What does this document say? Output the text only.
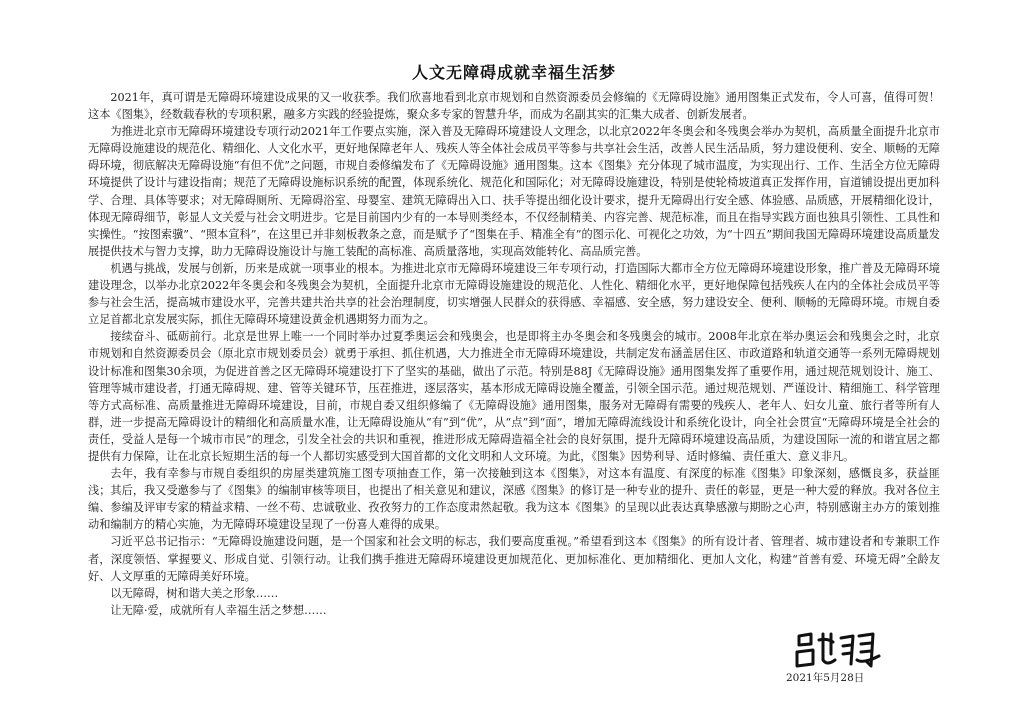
人文无障碍成就幸福生活梦

2021年，真可谓是无障碍环境建设成果的又一收获季。我们欣喜地看到北京市规划和自然资源委员会修编的《无障碍设施》通用图集正式发布，令人可喜，值得可贺！这本《图集》，经数载春秋的专项积累，融多方实践的经验提炼，聚众多专家的智慧升华，而成为名副其实的汇集大成者、创新发展者。

为推进北京市无障碍环境建设专项行动2021年工作要点实施，深入普及无障碍环境建设人文理念，以北京2022年冬奥会和冬残奥会举办为契机，高质量全面提升北京市无障碍设施建设的规范化、精细化、人文化水平，更好地保障老年人、残疾人等全体社会成员平等参与共享社会生活，改善人民生活品质，努力建设便利、安全、顺畅的无障碍环境，彻底解决无障碍设施“有但不优”之问题，市规自委修编发布了《无障碍设施》通用图集。这本《图集》充分体现了城市温度，为实现出行、工作、生活全方位无障碍环境提供了设计与建设指南；规范了无障碍设施标识系统的配置，体现系统化、规范化和国际化；对无障碍设施建设，特别是使轮椅坡道真正发挥作用，盲道铺设提出更加科学、合理、具体等要求；对无障碍厕所、无障碍浴室、母婴室、建筑无障碍出入口、扶手等提出细化设计要求，提升无障碍出行安全感、体验感、品质感，开展精细化设计，体现无障碍细节，彰显人文关爱与社会文明进步。它是目前国内少有的一本导则类经本，不仅经制精美、内容完善、规范标准，而且在指导实践方面也独具引领性、工具性和实操性。“按图索骥”、“照本宣科”，在这里已并非刻板教条之意，而是赋予了“图集在手、精准全有”的图示化、可视化之功效，为“十四五”期间我国无障碍环境建设高质量发展提供技术与智力支撑，助力无障碍设施设计与施工装配的高标准、高质量落地，实现高效能转化、高品质完善。

机遇与挑战，发展与创新，历来是成就一项事业的根本。为推进北京市无障碍环境建设三年专项行动，打造国际大都市全方位无障碍环境建设形象，推广普及无障碍环境建设理念，以举办北京2022年冬奥会和冬残奥会为契机，全面提升北京市无障碍设施建设的规范化、人性化、精细化水平，更好地保障包括残疾人在内的全体社会成员平等参与社会生活，提高城市建设水平，完善共建共治共享的社会治理制度，切实增强人民群众的获得感、幸福感、安全感，努力建设安全、便利、顺畅的无障碍环境。市规自委立足首都北京发展实际，抓住无障碍环境建设黄金机遇期努力而为之。

接续奋斗、砥砺前行。北京是世界上唯一一个同时举办过夏季奥运会和残奥会，也是即将主办冬奥会和冬残奥会的城市。2008年北京在举办奥运会和残奥会之时，北京市规划和自然资源委员会（原北京市规划委员会）就勇于承担、抓住机遇，大力推进全市无障碍环境建设，共制定发布涵盖居住区、市政道路和轨道交通等一系列无障碍规划设计标准和图集30余项，为促进首善之区无障碍环境建设打下了坚实的基础，做出了示范。特别是88J《无障碍设施》通用图集发挥了重要作用，通过规范规划设计、施工、管理等城市建设者，打通无障碍规、建、管等关键环节，压茬推进，逐层落实，基本形成无障碍设施全覆盖，引领全国示范。通过规范规划、严谨设计、精细施工、科学管理等方式高标准、高质量推进无障碍环境建设，目前，市规自委又组织修编了《无障碍设施》通用图集，服务对无障碍有需要的残疾人、老年人、妇女儿童、旅行者等所有人群，进一步提高无障碍设计的精细化和高质量水准，让无障碍设施从“有”到“优”，从“点”到“面”，增加无障碍流线设计和系统化设计，向全社会贯宣“无障碍环境是全社会的责任，受益人是每一个城市市民”的理念，引发全社会的共识和重视，推进形成无障碍造福全社会的良好氛围，提升无障碍环境建设高品质，为建设国际一流的和谐宜居之都提供有力保障，让在北京长短期生活的每一个人都切实感受到大国首都的文化文明和人文环境。为此，《图集》因势利导、适时修编、责任重大、意义非凡。

去年，我有幸参与市规自委组织的房屋类建筑施工图专项抽查工作，第一次接触到这本《图集》，对这本有温度、有深度的标准《图集》印象深刻，感慨良多，获益匪浅；其后，我又受邀参与了《图集》的编制审核等项目，也提出了相关意见和建议，深感《图集》的修订是一种专业的提升、责任的彰显，更是一种大爱的释放。我对各位主编、参编及评审专家的精益求精、一丝不苟、忠诚敬业、孜孜努力的工作态度肃然起敬。我为这本《图集》的呈现以此表达真挚感激与期盼之心声，特别感谢主办方的策划推动和编制方的精心实施，为无障碍环境建设呈现了一份喜人难得的成果。

习近平总书记指示：“无障碍设施建设问题，是一个国家和社会文明的标志，我们要高度重视。”希望看到这本《图集》的所有设计者、管理者、城市建设者和专兼职工作者，深度领悟、掌握要义、形成自觉、引领行动。让我们携手推进无障碍环境建设更加规范化、更加标准化、更加精细化、更加人文化，构建“首善有爱、环境无碍”全龄友好、人文厚重的无障碍美好环境。

以无障碍，树和谐大美之形象……

让无障·爱，成就所有人幸福生活之梦想……

2021年5月28日
